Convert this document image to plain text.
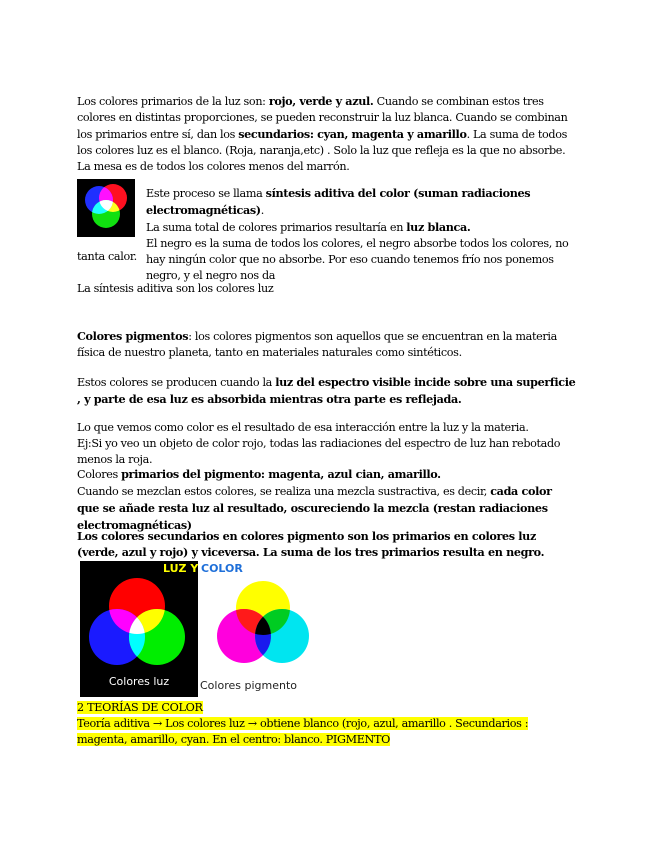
Los colores primarios de la luz son: rojo, verde y azul. Cuando se combinan estos tres colores en distintas proporciones, se pueden reconstruir la luz blanca. Cuando se combinan los primarios entre sí, dan los secundarios: cyan, magenta y amarillo. La suma de todos los colores luz es el blanco. (Roja, naranja,etc) . Solo la luz que refleja es la que no absorbe. La mesa es de todos los colores menos del marrón.

Este proceso se llama síntesis aditiva del color (suman radiaciones electromagnéticas).
La suma total de colores primarios resultaría en luz blanca.
El negro es la suma de todos los colores, el negro absorbe todos los colores, no hay ningún color que no absorbe. Por eso cuando tenemos frío nos ponemos negro, y el negro nos da

tanta calor.

La síntesis aditiva son los colores luz

Colores pigmentos: los colores pigmentos son aquellos que se encuentran en la materia física de nuestro planeta, tanto en materiales naturales como sintéticos.

Estos colores se producen cuando la luz del espectro visible incide sobre una superficie , y parte de esa luz es absorbida mientras otra parte es reflejada.

Lo que vemos como color es el resultado de esa interacción entre la luz y la materia.
Ej:Si yo veo un objeto de color rojo, todas las radiaciones del espectro de luz han rebotado menos la roja.

Colores primarios del pigmento: magenta, azul cian, amarillo.
Cuando se mezclan estos colores, se realiza una mezcla sustractiva, es decir, cada color que se añade resta luz al resultado, oscureciendo la mezcla (restan radiaciones electromagnéticas)

Los colores secundarios en colores pigmento son los primarios en colores luz (verde, azul y rojo) y viceversa. La suma de los tres primarios resulta en negro.

Colores luz
LUZ Y COLOR
Colores pigmento
2 TEORÍAS DE COLOR

Teoría aditiva → Los colores luz → obtiene blanco (rojo, azul, amarillo . Secundarios : magenta, amarillo, cyan. En el centro: blanco. PIGMENTO
